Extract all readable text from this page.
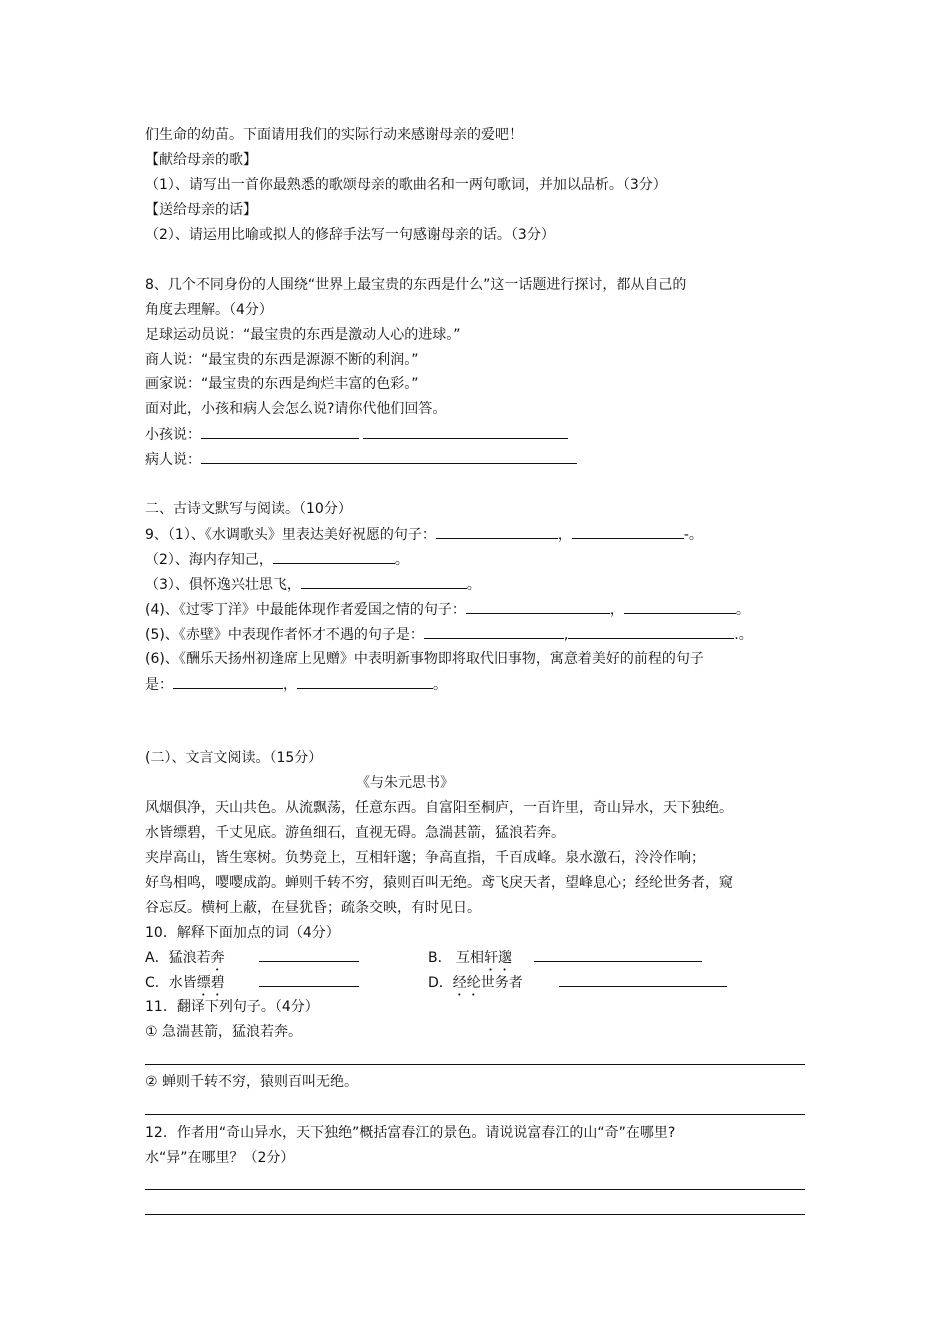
们生命的幼苗。下面请用我们的实际行动来感谢母亲的爱吧！
【献给母亲的歌】
（1）、请写出一首你最熟悉的歌颂母亲的歌曲名和一两句歌词，并加以品析。（3分）
【送给母亲的话】
（2）、请运用比喻或拟人的修辞手法写一句感谢母亲的话。（3分）
8、几个不同身份的人围绕“世界上最宝贵的东西是什么”这一话题进行探讨，都从自己的
角度去理解。（4分）
足球运动员说：“最宝贵的东西是激动人心的进球。”
商人说：“最宝贵的东西是源源不断的利润。”
画家说：“最宝贵的东西是绚烂丰富的色彩。”
面对此，小孩和病人会怎么说?请你代他们回答。
小孩说：
病人说：
二、古诗文默写与阅读。（10分）
9、（1）、《水调歌头》里表达美好祝愿的句子：	，	-。
（2）、海内存知己，	。
（3）、俱怀逸兴壮思飞，	。
(4)、《过零丁洋》中最能体现作者爱国之情的句子：	，	。
(5)、《赤壁》中表现作者怀才不遇的句子是：	,	.。
(6)、《酬乐天扬州初逢席上见赠》中表明新事物即将取代旧事物，寓意着美好的前程的句子
是：	，	。
(二）、文言文阅读。（15分）
《与朱元思书》
风烟俱净，天山共色。从流飘荡，任意东西。自富阳至桐庐，一百许里，奇山异水，天下独绝。
水皆缥碧，千丈见底。游鱼细石，直视无碍。急湍甚箭，猛浪若奔。
夹岸高山，皆生寒树。负势竞上，互相轩邈；争高直指，千百成峰。泉水激石，泠泠作响；
好鸟相鸣，嘤嘤成韵。蝉则千转不穷，猿则百叫无绝。鸢飞戾天者，望峰息心；经纶世务者，窥
谷忘反。横柯上蔽，在昼犹昏；疏条交映，有时见日。
10．解释下面加点的词（4分）
A．猛浪若奔	B． 互相轩邈
C．水皆缥碧	D．经纶世务者
11．翻译下列句子。（4分）
① 急湍甚箭，猛浪若奔。
② 蝉则千转不穷，猿则百叫无绝。
12．作者用“奇山异水，天下独绝”概括富春江的景色。请说说富春江的山“奇”在哪里?
水“异”在哪里？（2分）
